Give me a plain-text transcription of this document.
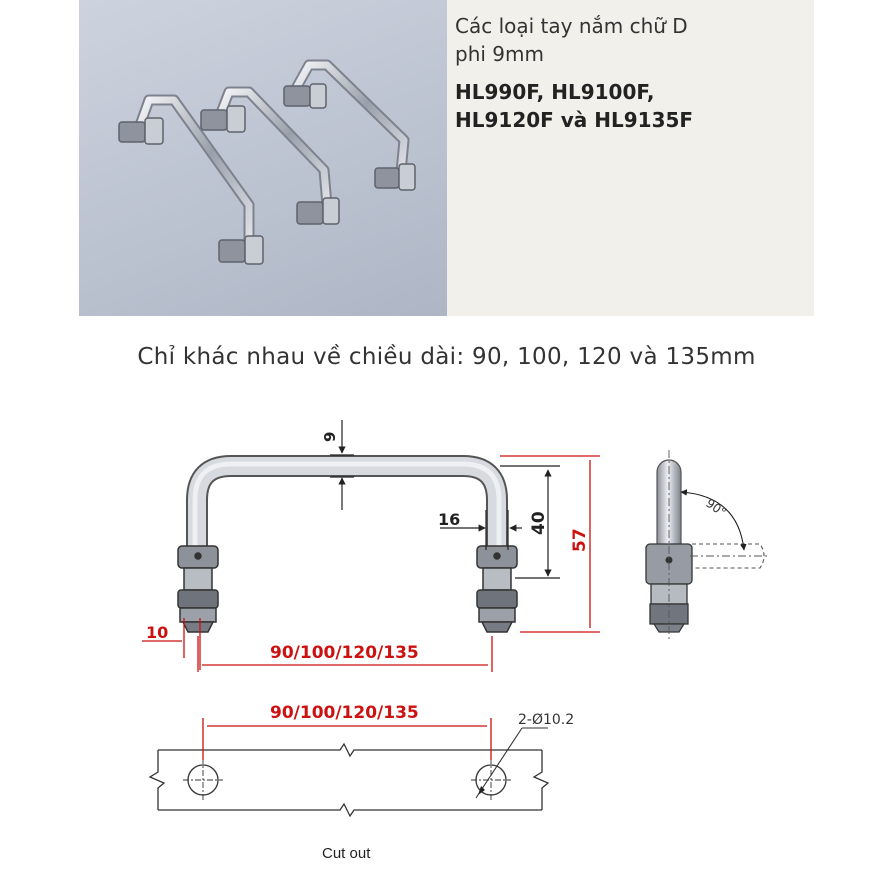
Các loại tay nắm chữ D
phi 9mm
HL990F, HL9100F,
HL9120F và HL9135F
Chỉ khác nhau về chiều dài: 90, 100, 120 và 135mm
9
16	40
57
10
90/100/120/135
90°
2-Ø10.2
90/100/120/135
Cut out
